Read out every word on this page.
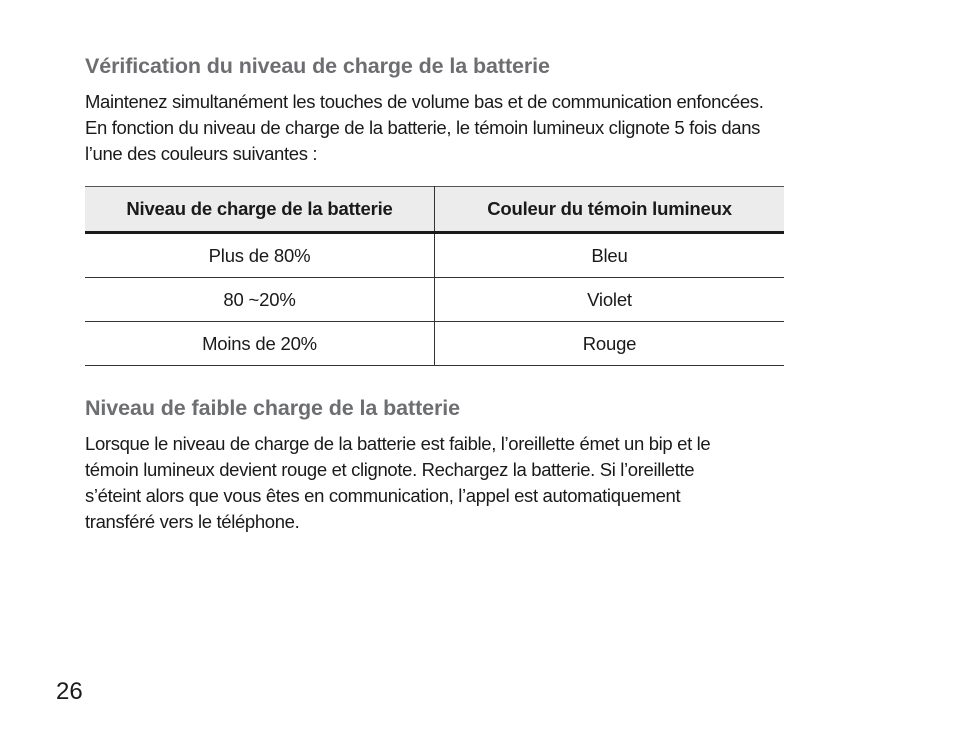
Vérification du niveau de charge de la batterie

Maintenez simultanément les touches de volume bas et de communication enfoncées.
En fonction du niveau de charge de la batterie, le témoin lumineux clignote 5 fois dans
l’une des couleurs suivantes :

Niveau de charge de la batterie	Couleur du témoin lumineux
Plus de 80%	Bleu
80 ~20%	Violet
Moins de 20%	Rouge
Niveau de faible charge de la batterie

Lorsque le niveau de charge de la batterie est faible, l’oreillette émet un bip et le
témoin lumineux devient rouge et clignote. Rechargez la batterie. Si l’oreillette
s’éteint alors que vous êtes en communication, l’appel est automatiquement
transféré vers le téléphone.

26
